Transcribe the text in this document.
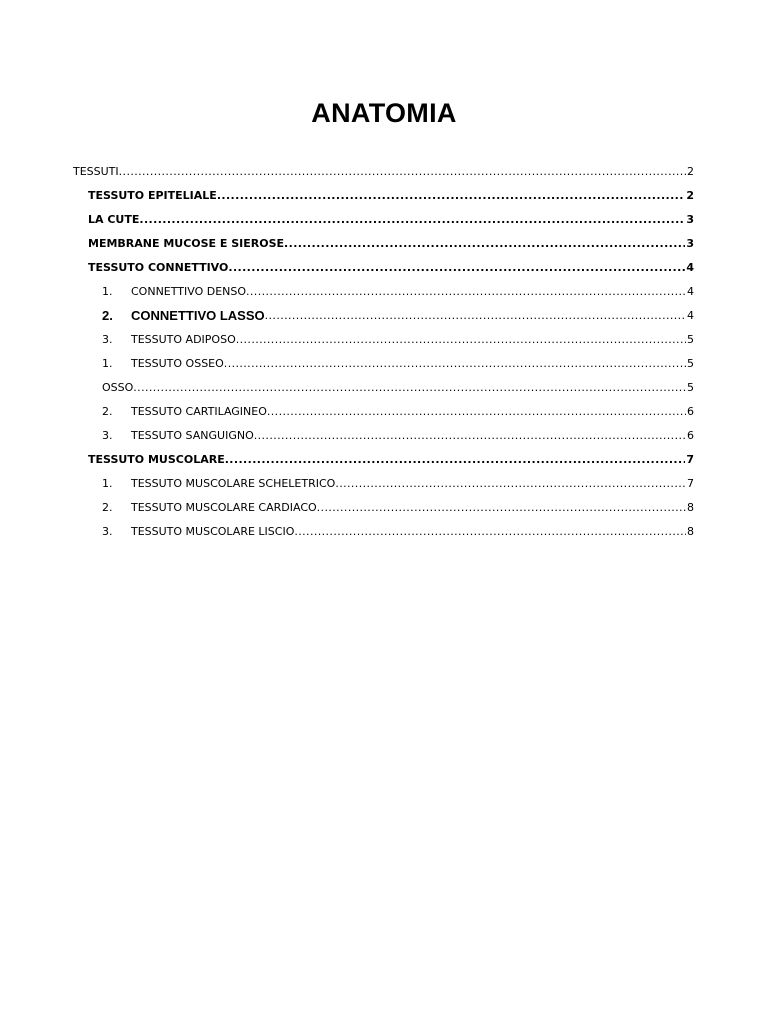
ANATOMIA
TESSUTI .....	2
TESSUTO EPITELIALE .....	2
LA CUTE .....	3
MEMBRANE MUCOSE E SIEROSE .....	3
TESSUTO CONNETTIVO .....	4
1.	CONNETTIVO DENSO .....	4
2.	CONNETTIVO LASSO .....	4
3.	TESSUTO ADIPOSO .....	5
1.	TESSUTO OSSEO .....	5
OSSO .....	5
2.	TESSUTO CARTILAGINEO .....	6
3.	TESSUTO SANGUIGNO .....	6
TESSUTO MUSCOLARE .....	7
1.	TESSUTO MUSCOLARE SCHELETRICO .....	7
2.	TESSUTO MUSCOLARE CARDIACO .....	8
3.	TESSUTO MUSCOLARE LISCIO .....	8
